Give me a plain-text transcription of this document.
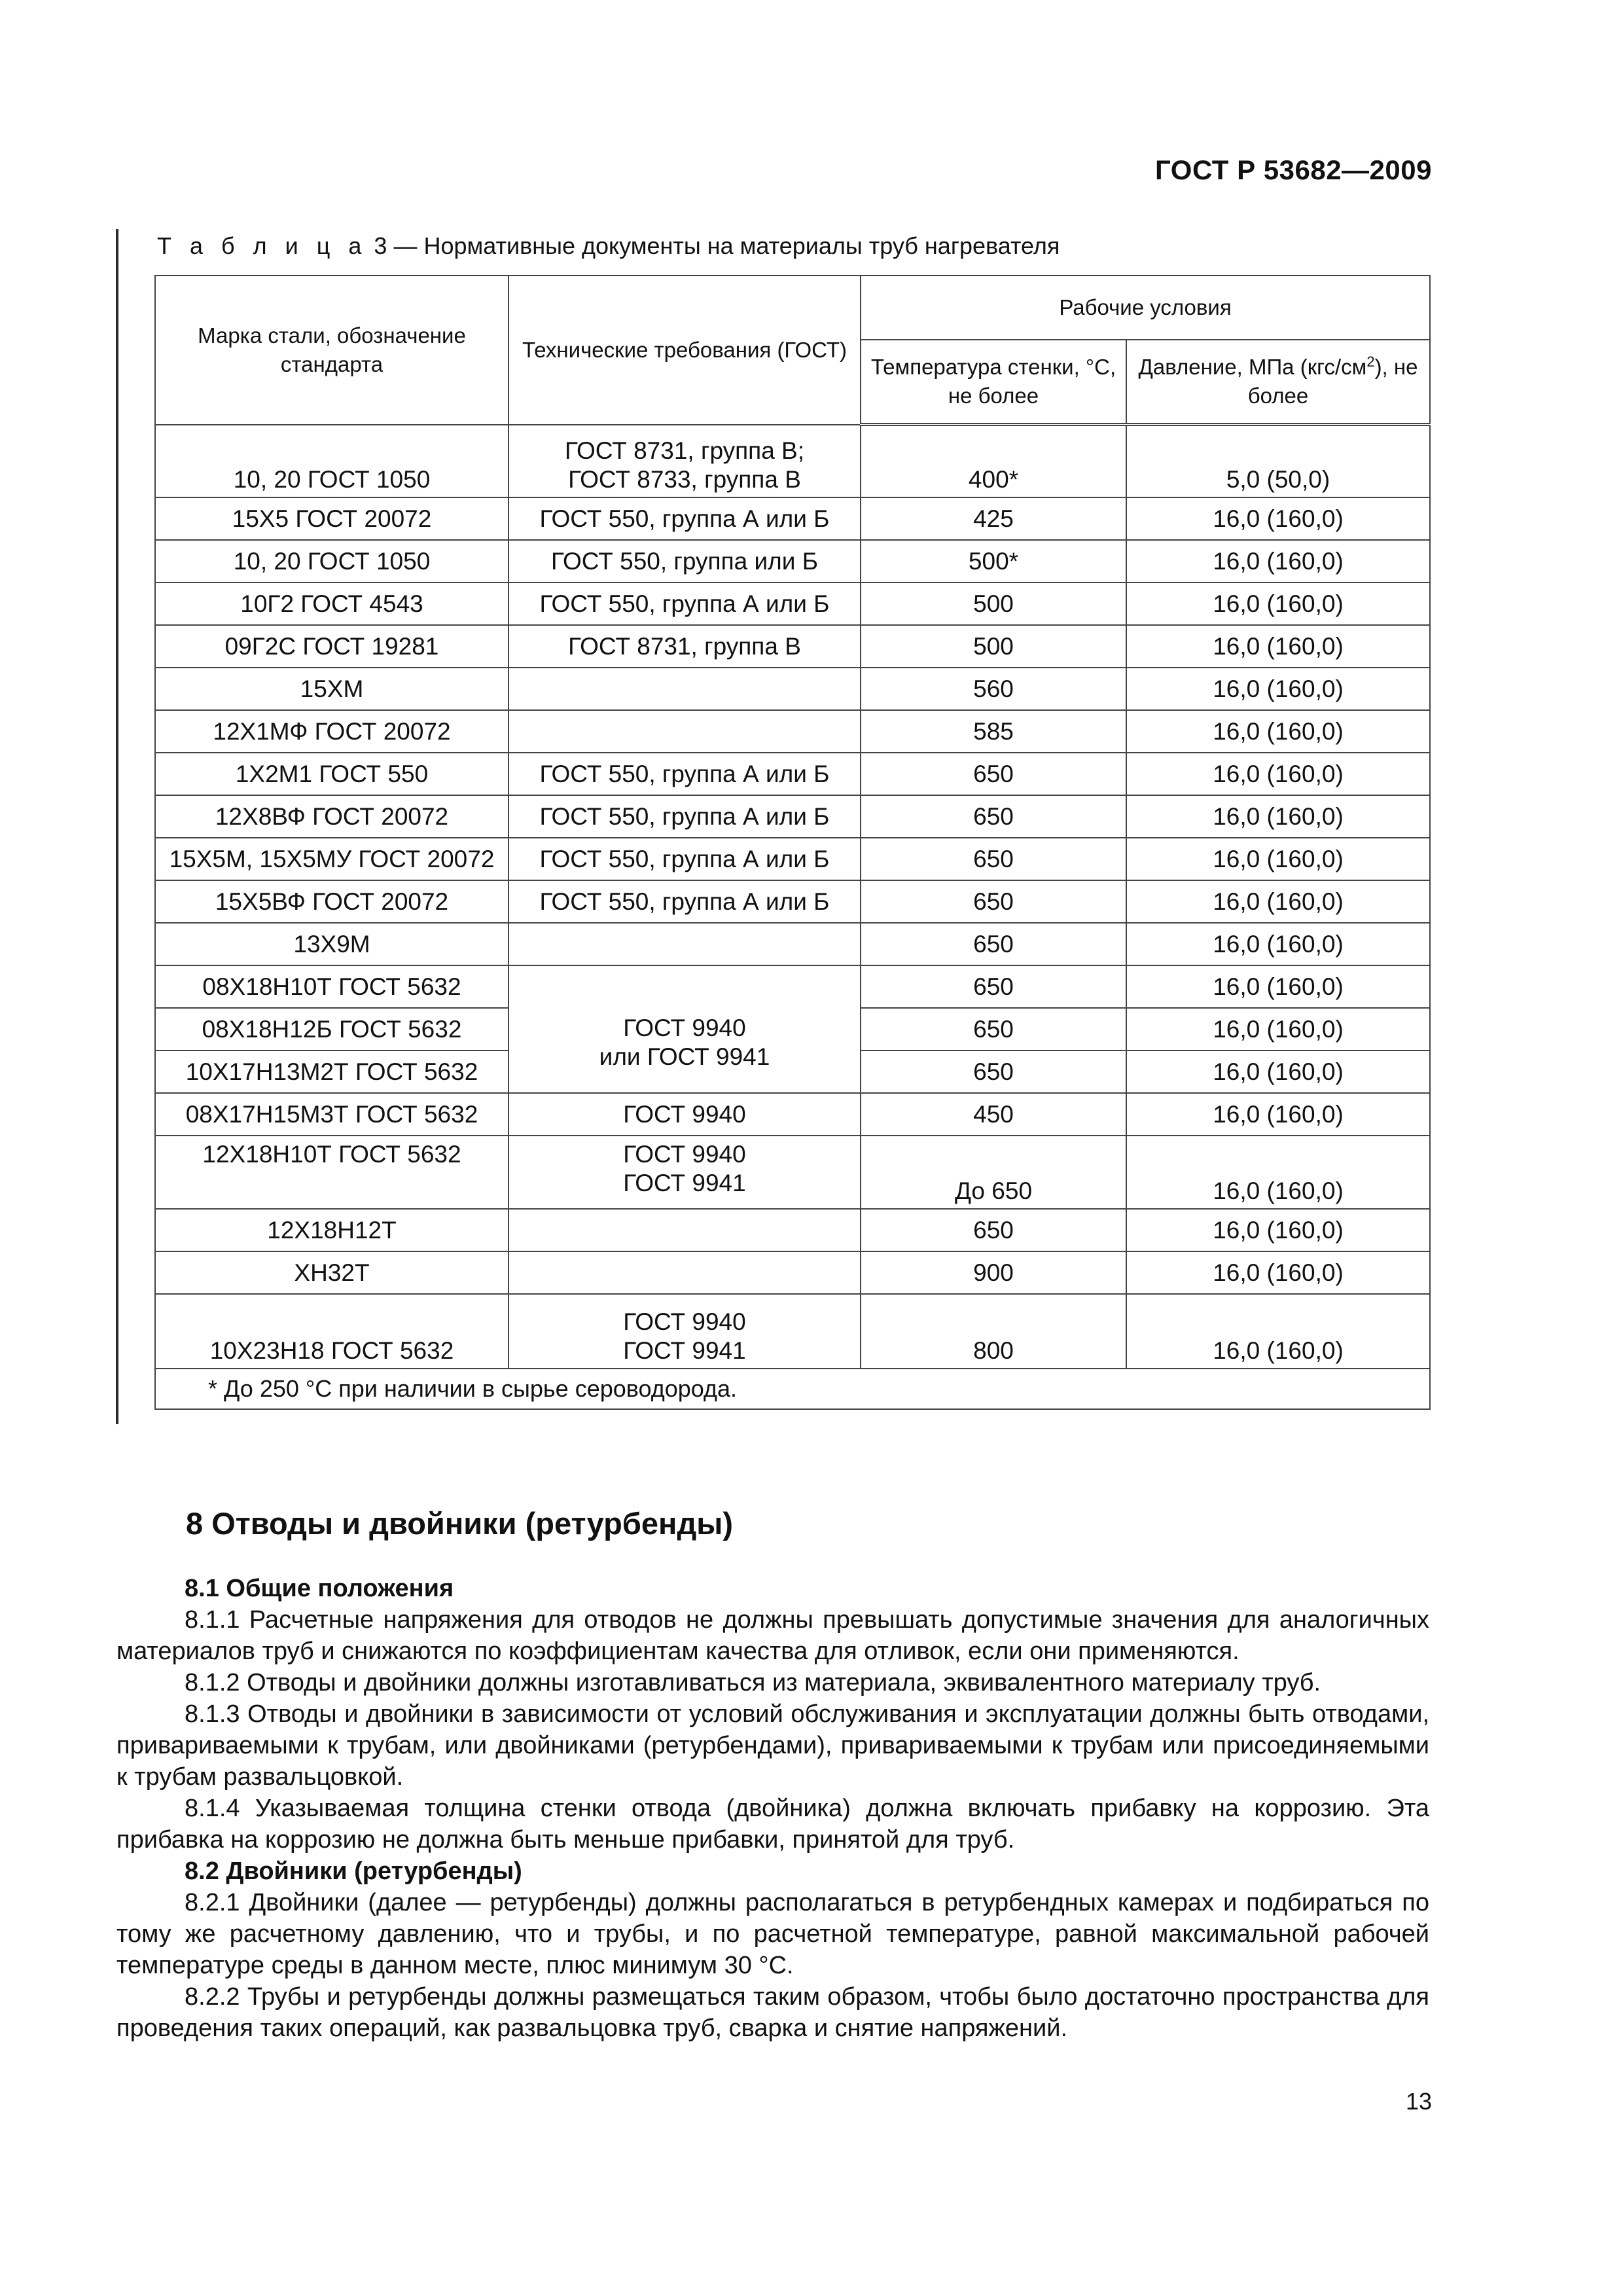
ГОСТ Р 53682—2009
Т а б л и ц а 3 — Нормативные документы на материалы труб нагревателя
Марка стали, обозначение стандарта	Технические требования (ГОСТ)	Рабочие условия	
		Температура стенки, °С, не более	Давление, МПа $(кгс/см^2)$, не более
10, 20 ГОСТ 1050	ГОСТ 8731, группа В;
ГОСТ 8733, группа В	400*	5,0 (50,0)
15Х5 ГОСТ 20072	ГОСТ 550, группа А или Б	425	16,0 (160,0)
10, 20 ГОСТ 1050	ГОСТ 550, группа или Б	500*	16,0 (160,0)
10Г2 ГОСТ 4543	ГОСТ 550, группа А или Б	500	16,0 (160,0)
09Г2С ГОСТ 19281	ГОСТ 8731, группа В	500	16,0 (160,0)
15ХМ		560	16,0 (160,0)
12Х1МФ ГОСТ 20072		585	16,0 (160,0)
1Х2М1 ГОСТ 550	ГОСТ 550, группа А или Б	650	16,0 (160,0)
12Х8ВФ ГОСТ 20072	ГОСТ 550, группа А или Б	650	16,0 (160,0)
15Х5М, 15Х5МУ ГОСТ 20072	ГОСТ 550, группа А или Б	650	16,0 (160,0)
15Х5ВФ ГОСТ 20072	ГОСТ 550, группа А или Б	650	16,0 (160,0)
13Х9М		650	16,0 (160,0)
08Х18Н10Т ГОСТ 5632	ГОСТ 9940
или ГОСТ 9941	650	16,0 (160,0)
08Х18Н12Б ГОСТ 5632		650	16,0 (160,0)
10Х17Н13М2Т ГОСТ 5632		650	16,0 (160,0)
08Х17Н15М3Т ГОСТ 5632	ГОСТ 9940	450	16,0 (160,0)
12Х18Н10Т ГОСТ 5632	ГОСТ 9940
ГОСТ 9941	До 650	16,0 (160,0)
12Х18Н12Т		650	16,0 (160,0)
ХН32Т		900	16,0 (160,0)
10Х23Н18 ГОСТ 5632	ГОСТ 9940
ГОСТ 9941	800	16,0 (160,0)
* До 250 °С при наличии в сырье сероводорода.			
8 Отводы и двойники (ретурбенды)
8.1 Общие положения

8.1.1 Расчетные напряжения для отводов не должны превышать допустимые значения для аналогичных материалов труб и снижаются по коэффициентам качества для отливок, если они применяются.

8.1.2 Отводы и двойники должны изготавливаться из материала, эквивалентного материалу труб.

8.1.3 Отводы и двойники в зависимости от условий обслуживания и эксплуатации должны быть отводами, привариваемыми к трубам, или двойниками (ретурбендами), привариваемыми к трубам или присоединяемыми к трубам развальцовкой.

8.1.4 Указываемая толщина стенки отвода (двойника) должна включать прибавку на коррозию. Эта прибавка на коррозию не должна быть меньше прибавки, принятой для труб.

8.2 Двойники (ретурбенды)

8.2.1 Двойники (далее — ретурбенды) должны располагаться в ретурбендных камерах и подбираться по тому же расчетному давлению, что и трубы, и по расчетной температуре, равной максимальной рабочей температуре среды в данном месте, плюс минимум 30 °С.

8.2.2 Трубы и ретурбенды должны размещаться таким образом, чтобы было достаточно пространства для проведения таких операций, как развальцовка труб, сварка и снятие напряжений.

13
